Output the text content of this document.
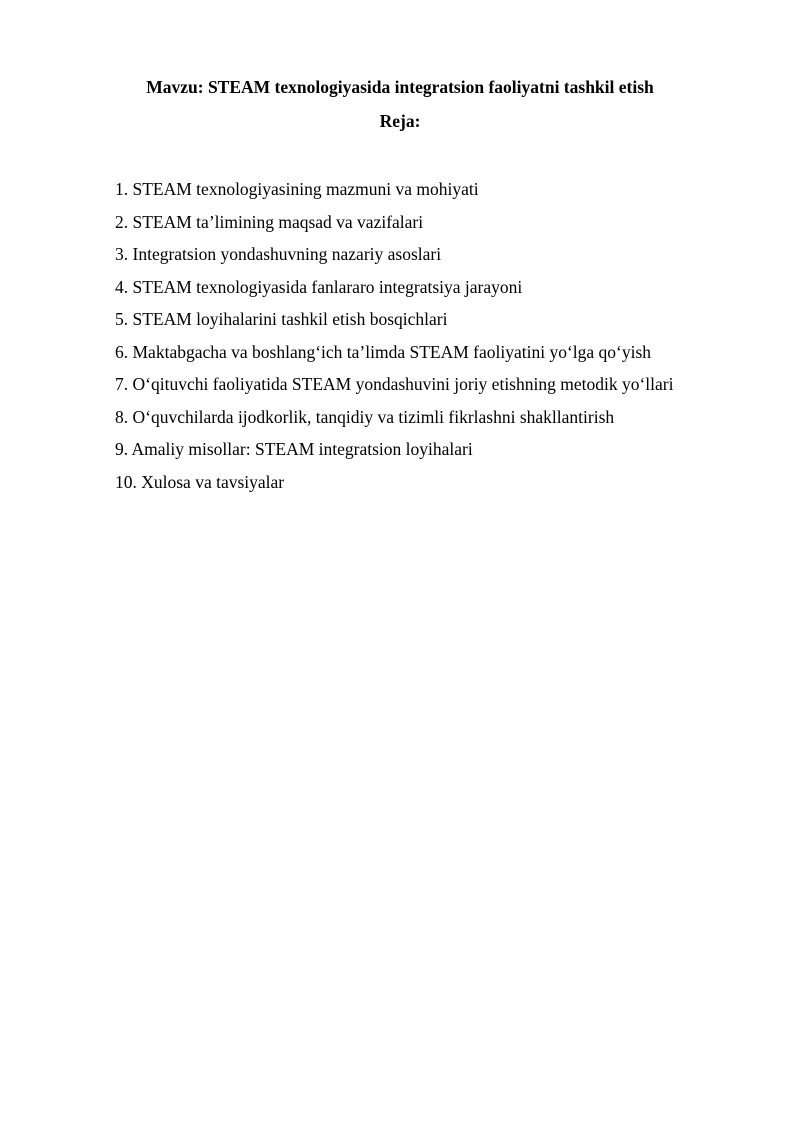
Mavzu: STEAM texnologiyasida integratsion faoliyatni tashkil etish
Reja:
1. STEAM texnologiyasining mazmuni va mohiyati
2. STEAM ta’limining maqsad va vazifalari
3. Integratsion yondashuvning nazariy asoslari
4. STEAM texnologiyasida fanlararo integratsiya jarayoni
5. STEAM loyihalarini tashkil etish bosqichlari
6. Maktabgacha va boshlang‘ich ta’limda STEAM faoliyatini yo‘lga qo‘yish
7. O‘qituvchi faoliyatida STEAM yondashuvini joriy etishning metodik yo‘llari
8. O‘quvchilarda ijodkorlik, tanqidiy va tizimli fikrlashni shakllantirish
9. Amaliy misollar: STEAM integratsion loyihalari
10. Xulosa va tavsiyalar
